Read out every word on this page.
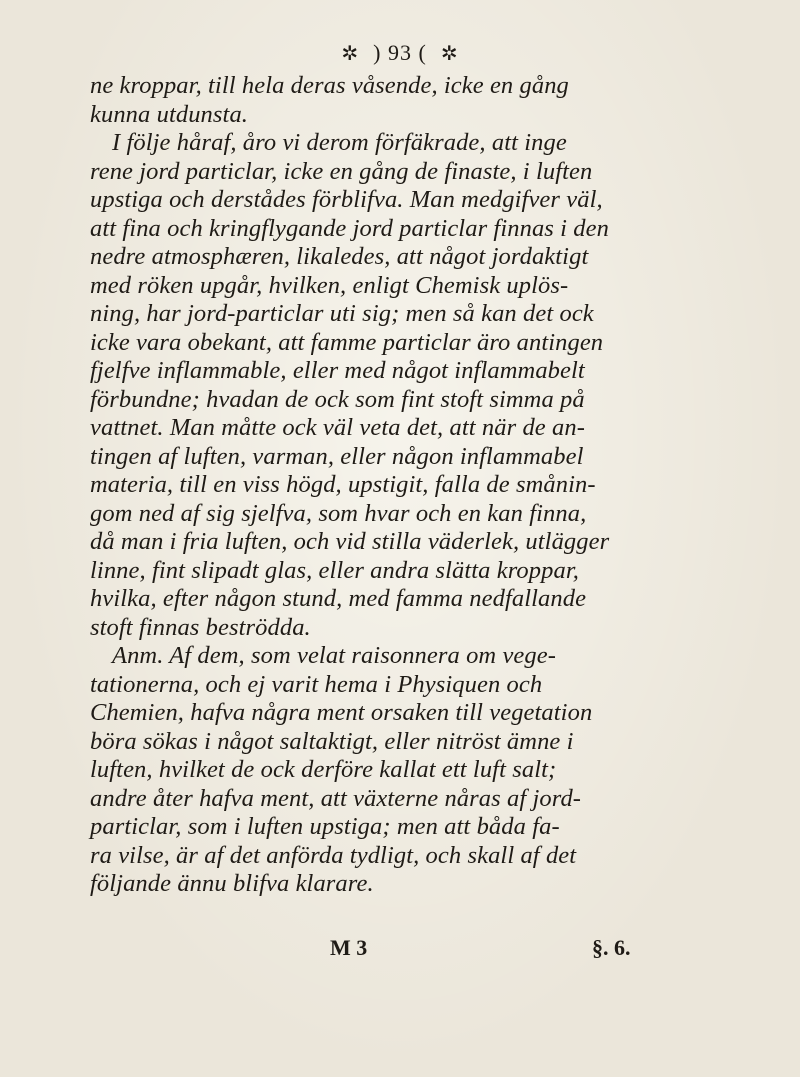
✲ ) 93 ( ✲
ne kroppar, till hela deras våsende, icke en gång
kunna utdunsta.
I följe håraf, åro vi derom förfäkrade, att inge
rene jord particlar, icke en gång de finaste, i luften
upstiga och derstådes förblifva. Man medgifver väl,
att fina och kringflygande jord particlar finnas i den
nedre atmosphæren, likaledes, att något jordaktigt
med röken upgår, hvilken, enligt Chemisk uplös-
ning, har jord-particlar uti sig; men så kan det ock
icke vara obekant, att famme particlar äro antingen
fjelfve inflammable, eller med något inflammabelt
förbundne; hvadan de ock som fint stoft simma på
vattnet. Man måtte ock väl veta det, att när de an-
tingen af luften, varman, eller någon inflammabel
materia, till en viss högd, upstigit, falla de smånin-
gom ned af sig sjelfva, som hvar och en kan finna,
då man i fria luften, och vid stilla väderlek, utlägger
linne, fint slipadt glas, eller andra slätta kroppar,
hvilka, efter någon stund, med famma nedfallande
stoft finnas beströdda.
Anm. Af dem, som velat raisonnera om vege-
tationerna, och ej varit hema i Physiquen och
Chemien, hafva några ment orsaken till vegetation
böra sökas i något saltaktigt, eller nitröst ämne i
luften, hvilket de ock derföre kallat ett luft salt;
andre åter hafva ment, att växterne nåras af jord-
particlar, som i luften upstiga; men att båda fa-
ra vilse, är af det anförda tydligt, och skall af det
följande ännu blifva klarare.
M 3	§. 6.
